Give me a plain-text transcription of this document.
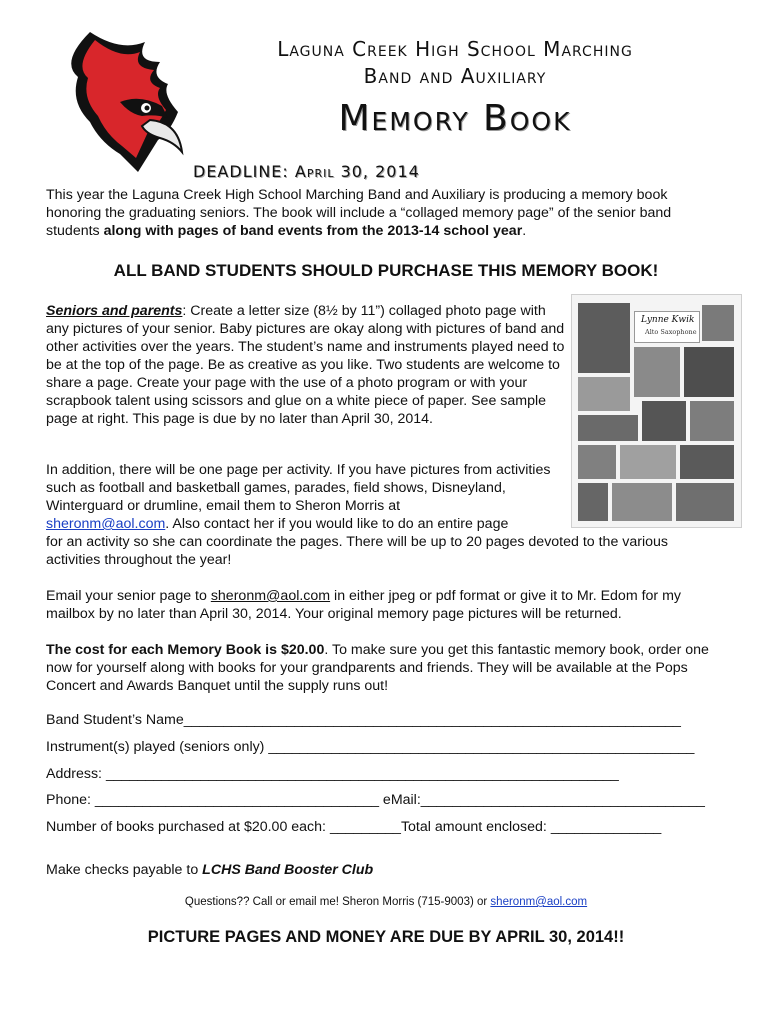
Laguna Creek High School Marching
Band and Auxiliary
Memory Book
DEADLINE: April 30, 2014
This year the Laguna Creek High School Marching Band and Auxiliary is producing a memory book honoring the graduating seniors. The book will include a “collaged memory page” of the senior band students along with pages of band events from the 2013-14 school year.
ALL BAND STUDENTS SHOULD PURCHASE THIS MEMORY BOOK!
Seniors and parents: Create a letter size (8½ by 11”) collaged photo page with any pictures of your senior. Baby pictures are okay along with pictures of band and other activities over the years. The student’s name and instruments played need to be at the top of the page. Be as creative as you like. Two students are welcome to share a page. Create your page with the use of a photo program or with your scrapbook talent using scissors and glue on a white piece of paper. See sample page at right. This page is due by no later than April 30, 2014.
In addition, there will be one page per activity. If you have pictures from activities such as football and basketball games, parades, field shows, Disneyland, Winterguard or drumline, email them to Sheron Morris at
sheronm@aol.com. Also contact her if you would like to do an entire page
for an activity so she can coordinate the pages. There will be up to 20 pages devoted to the various activities throughout the year!
Email your senior page to sheronm@aol.com in either jpeg or pdf format or give it to Mr. Edom for my mailbox by no later than April 30, 2014. Your original memory page pictures will be returned.
The cost for each Memory Book is $20.00. To make sure you get this fantastic memory book, order one now for yourself along with books for your grandparents and friends. They will be available at the Pops Concert and Awards Banquet until the supply runs out!
Band Student’s Name_______________________________________________________________
Instrument(s) played (seniors only) ______________________________________________________
Address: _________________________________________________________________
Phone: ____________________________________ eMail:____________________________________
Number of books purchased at $20.00 each: _________Total amount enclosed: ______________
Make checks payable to LCHS Band Booster Club
Questions?? Call or email me! Sheron Morris (715-9003) or sheronm@aol.com
PICTURE PAGES AND MONEY ARE DUE BY APRIL 30, 2014!!
Lynne Kwik
Alto Saxophone
